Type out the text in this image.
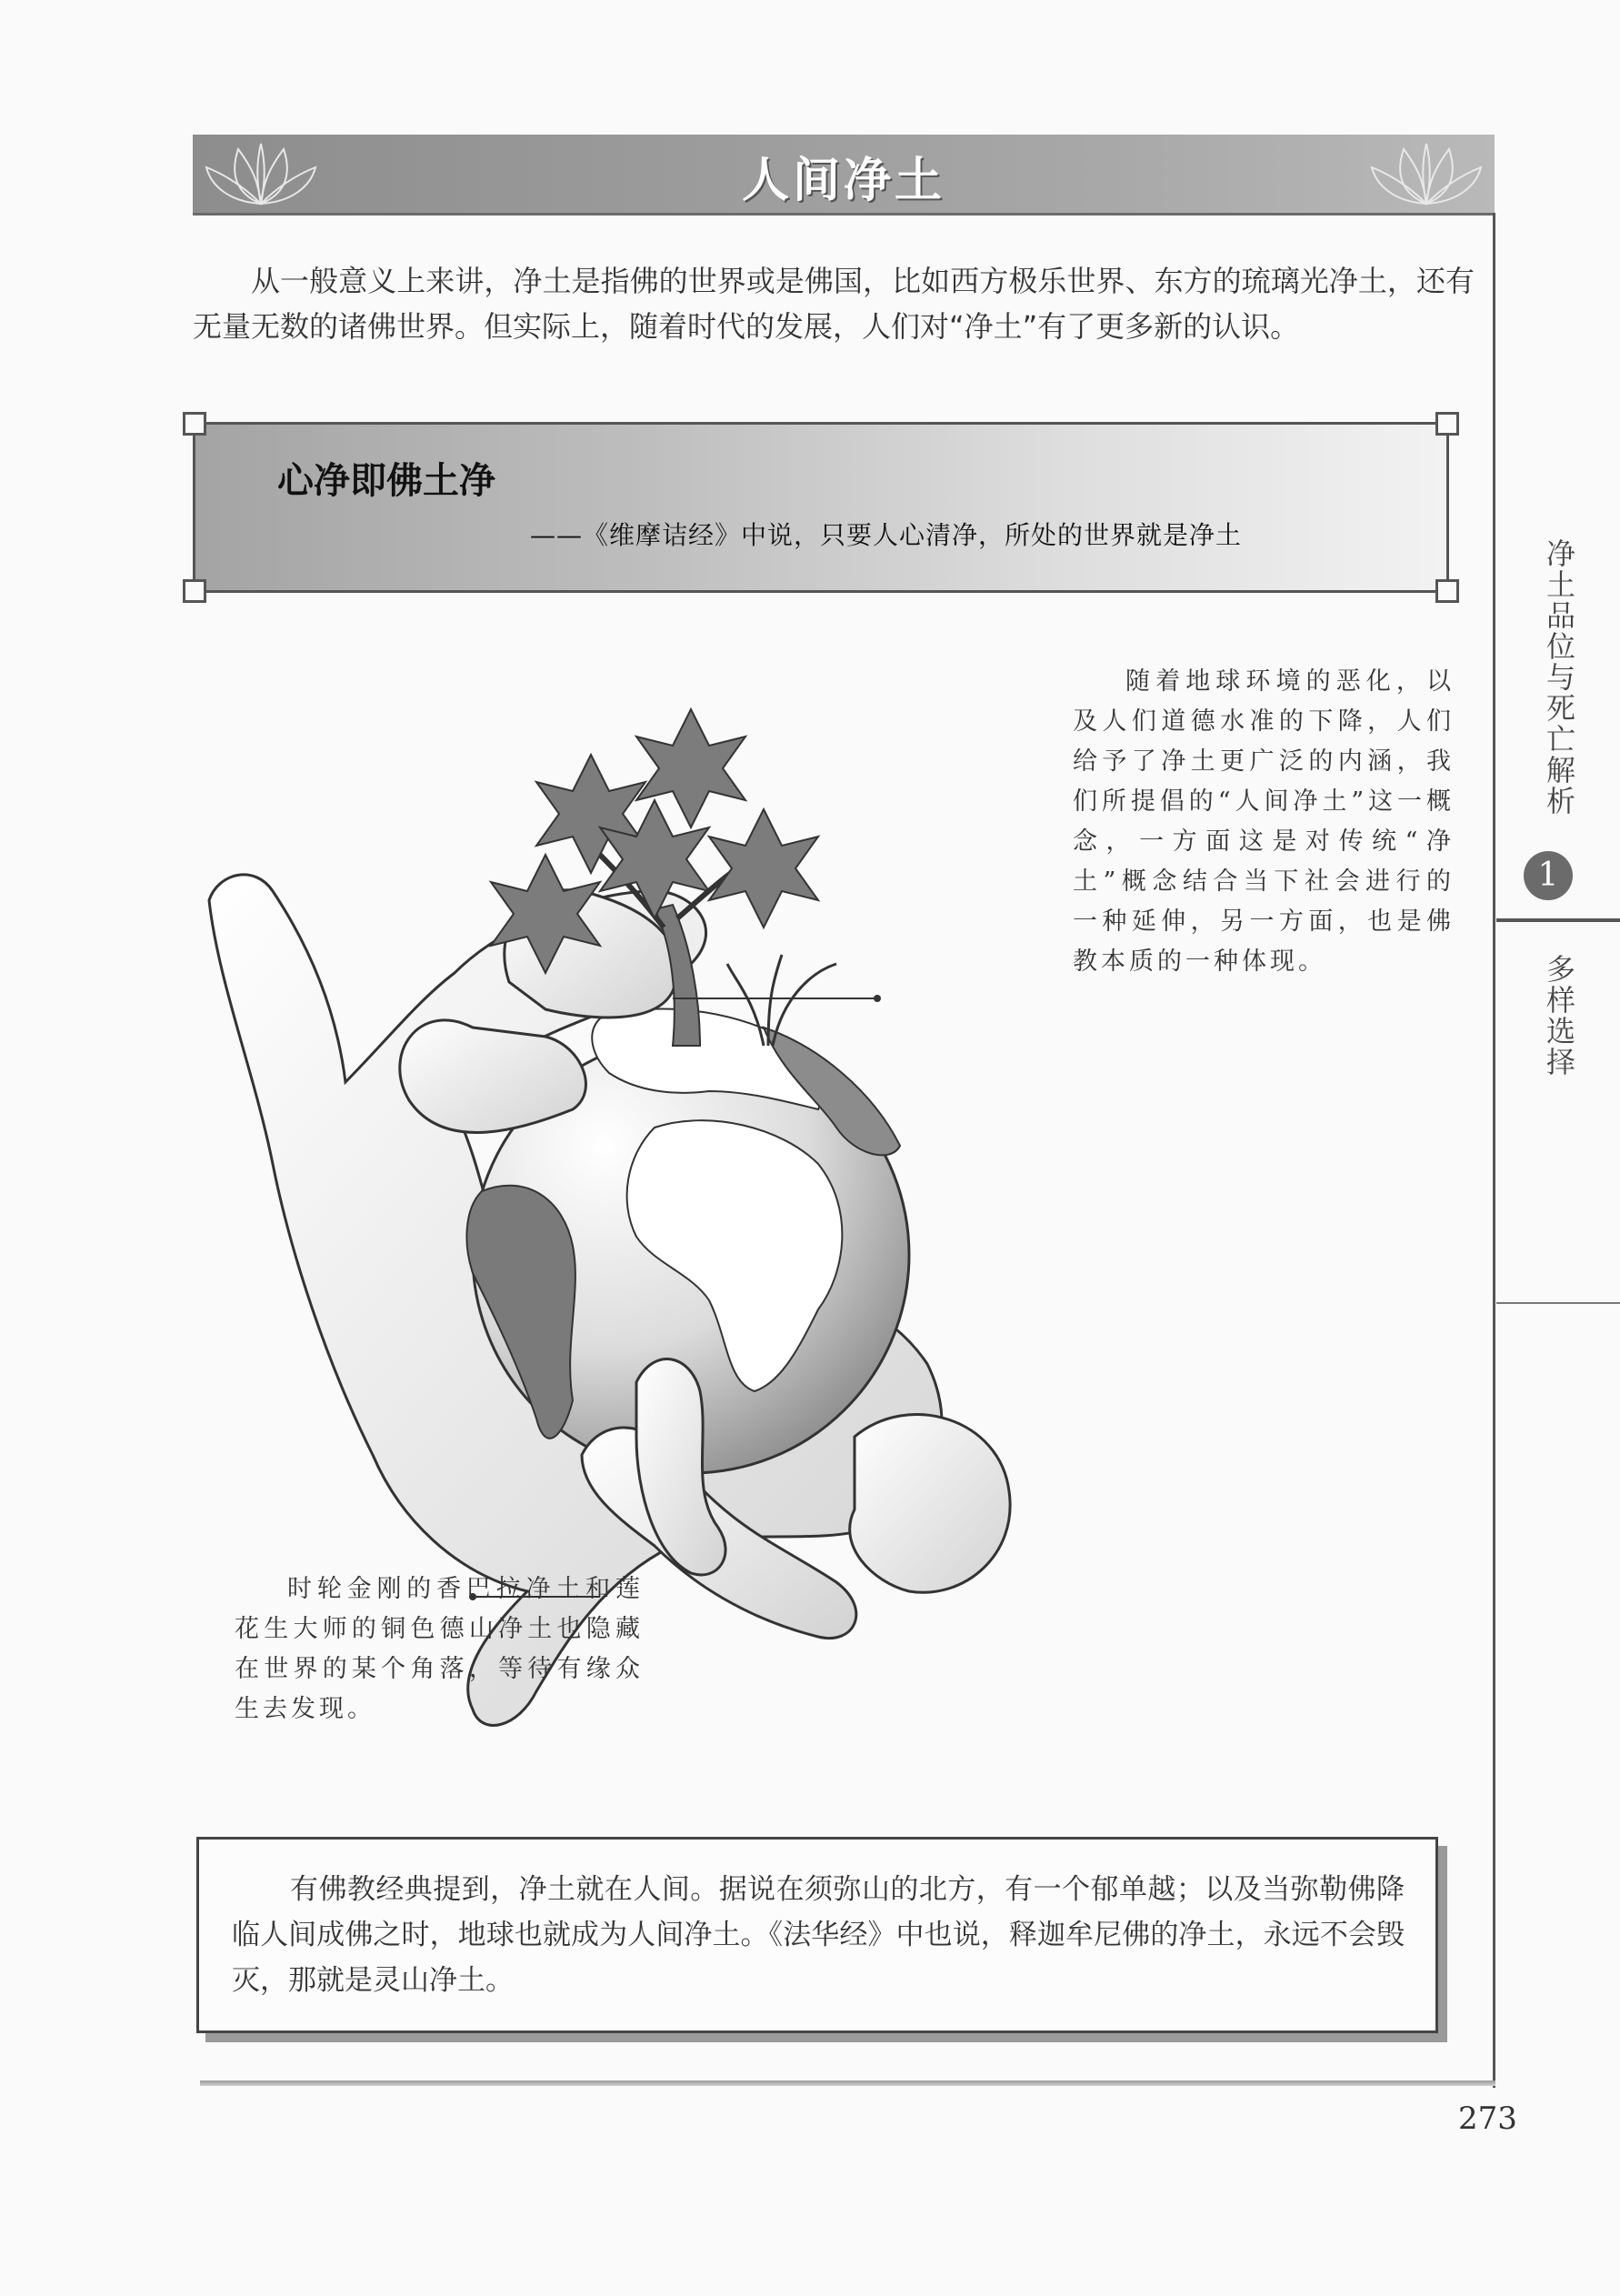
人间净土
净土品位与死亡解析
1
多样选择

从一般意义上来讲，净土是指佛的世界或是佛国，比如西方极乐世界、东方的琉璃光净土，还有无量无数的诸佛世界。但实际上，随着时代的发展，人们对“净土”有了更多新的认识。

心净即佛土净
——《维摩诘经》中说，只要人心清净，所处的世界就是净土

随着地球环境的恶化，以及人们道德水准的下降，人们给予了净土更广泛的内涵，我们所提倡的“人间净土”这一概念，一方面这是对传统“净土”概念结合当下社会进行的一种延伸，另一方面，也是佛教本质的一种体现。

时轮金刚的香巴拉净土和莲花生大师的铜色德山净土也隐藏在世界的某个角落，等待有缘众生去发现。

有佛教经典提到，净土就在人间。据说在须弥山的北方，有一个郁单越；以及当弥勒佛降临人间成佛之时，地球也就成为人间净土。《法华经》中也说，释迦牟尼佛的净土，永远不会毁灭，那就是灵山净土。

273
